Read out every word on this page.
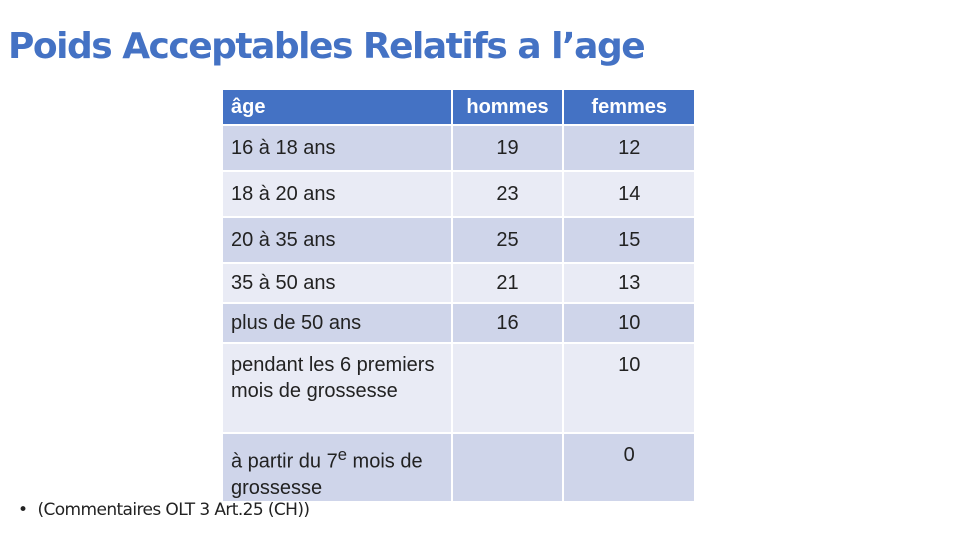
Poids Acceptables Relatifs a l’age
âge	hommes	femmes
16 à 18 ans	19	12
18 à 20 ans	23	14
20 à 35 ans	25	15
35 à 50 ans	21	13
plus de 50 ans	16	10
pendant les 6 premiers mois de grossesse		10
à partir du 7e mois de grossesse		0
• (Commentaires OLT 3 Art.25 (CH))
